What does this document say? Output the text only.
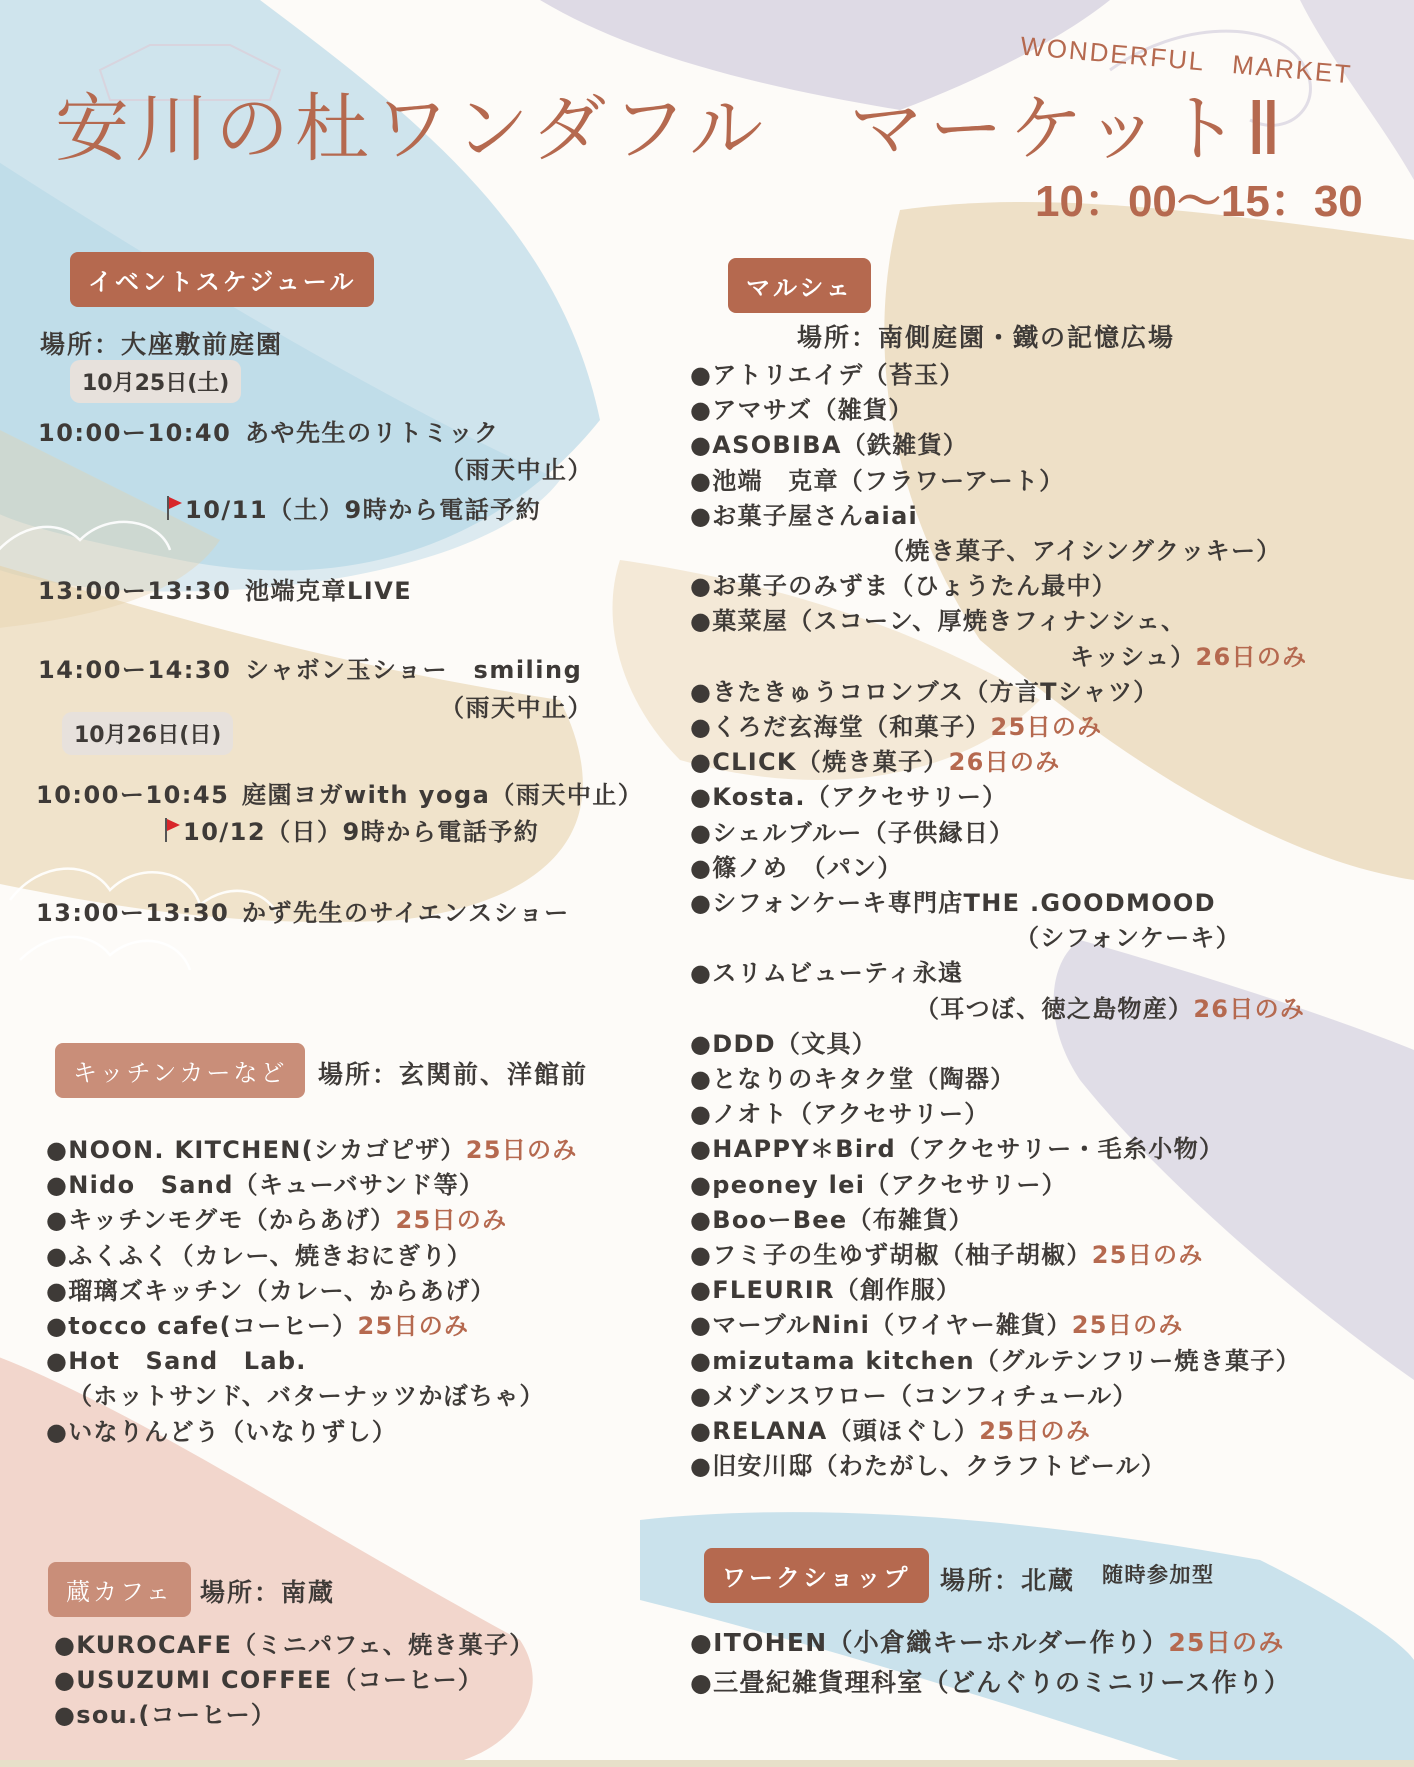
安川の杜ワンダフル　マーケットⅡ
WONDERFUL　MARKET
10：00〜15：30
イベントスケジュール
場所：大座敷前庭園
10月25日(土)
10:00ー10:40 あや先生のリトミック
（雨天中止）
10/11（土）9時から電話予約
13:00ー13:30 池端克章LIVE
14:00ー14:30 シャボン玉ショー　smiling
（雨天中止）
10月26日(日)
10:00ー10:45 庭園ヨガwith yoga（雨天中止）
10/12（日）9時から電話予約
13:00ー13:30 かず先生のサイエンスショー
キッチンカーなど	場所：玄関前、洋館前
●NOON. KITCHEN(シカゴピザ）25日のみ
●Nido　Sand（キューバサンド等）
●キッチンモグモ（からあげ）25日のみ
●ふくふく（カレー、焼きおにぎり）
●瑠璃ズキッチン（カレー、からあげ）
●tocco cafe(コーヒー）25日のみ
●Hot　Sand　Lab.
（ホットサンド、バターナッツかぼちゃ）
●いなりんどう（いなりずし）
蔵カフェ	場所：南蔵
●KUROCAFE（ミニパフェ、焼き菓子）
●USUZUMI COFFEE（コーヒー）
●sou.(コーヒー）
マルシェ
場所：南側庭園・鐵の記憶広場
●アトリエイデ（苔玉）
●アマサズ（雑貨）
●ASOBIBA（鉄雑貨）
●池端　克章（フラワーアート）
●お菓子屋さんaiai
（焼き菓子、アイシングクッキー）
●お菓子のみずま（ひょうたん最中）
●菓菜屋（スコーン、厚焼きフィナンシェ、
キッシュ）26日のみ
●きたきゅうコロンブス（方言Tシャツ）
●くろだ玄海堂（和菓子）25日のみ
●CLICK（焼き菓子）26日のみ
●Kosta.（アクセサリー）
●シェルブルー（子供縁日）
●篠ノめ　（パン）
●シフォンケーキ専門店THE .GOODMOOD
（シフォンケーキ）
●スリムビューティ永遠
（耳つぼ、徳之島物産）26日のみ
●DDD（文具）
●となりのキタク堂（陶器）
●ノオト（アクセサリー）
●HAPPY＊Bird（アクセサリー・毛糸小物）
●peoney lei（アクセサリー）
●BooーBee（布雑貨）
●フミ子の生ゆず胡椒（柚子胡椒）25日のみ
●FLEURIR（創作服）
●マーブルNini（ワイヤー雑貨）25日のみ
●mizutama kitchen（グルテンフリー焼き菓子）
●メゾンスワロー（コンフィチュール）
●RELANA（頭ほぐし）25日のみ
●旧安川邸（わたがし、クラフトビール）
ワークショップ	場所：北蔵 随時参加型
●ITOHEN（小倉織キーホルダー作り）25日のみ
●三畳紀雑貨理科室（どんぐりのミニリース作り）
